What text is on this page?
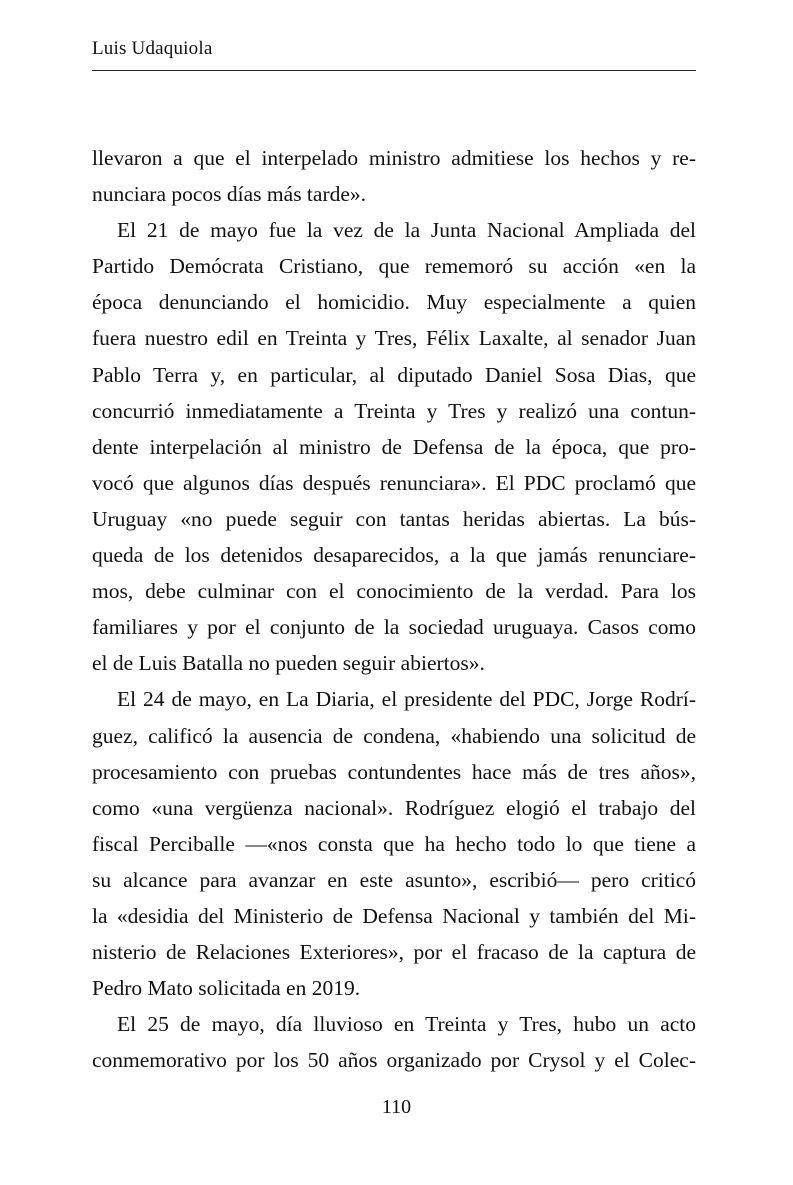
Luis Udaquiola
llevaron a que el interpelado ministro admitiese los hechos y re-
nunciara pocos días más tarde».
El 21 de mayo fue la vez de la Junta Nacional Ampliada del
Partido Demócrata Cristiano, que rememoró su acción «en la
época denunciando el homicidio. Muy especialmente a quien
fuera nuestro edil en Treinta y Tres, Félix Laxalte, al senador Juan
Pablo Terra y, en particular, al diputado Daniel Sosa Dias, que
concurrió inmediatamente a Treinta y Tres y realizó una contun-
dente interpelación al ministro de Defensa de la época, que pro-
vocó que algunos días después renunciara». El PDC proclamó que
Uruguay «no puede seguir con tantas heridas abiertas. La bús-
queda de los detenidos desaparecidos, a la que jamás renunciare-
mos, debe culminar con el conocimiento de la verdad. Para los
familiares y por el conjunto de la sociedad uruguaya. Casos como
el de Luis Batalla no pueden seguir abiertos».
El 24 de mayo, en La Diaria, el presidente del PDC, Jorge Rodrí-
guez, calificó la ausencia de condena, «habiendo una solicitud de
procesamiento con pruebas contundentes hace más de tres años»,
como «una vergüenza nacional». Rodríguez elogió el trabajo del
fiscal Perciballe —«nos consta que ha hecho todo lo que tiene a
su alcance para avanzar en este asunto», escribió— pero criticó
la «desidia del Ministerio de Defensa Nacional y también del Mi-
nisterio de Relaciones Exteriores», por el fracaso de la captura de
Pedro Mato solicitada en 2019.
El 25 de mayo, día lluvioso en Treinta y Tres, hubo un acto
conmemorativo por los 50 años organizado por Crysol y el Colec-
110
